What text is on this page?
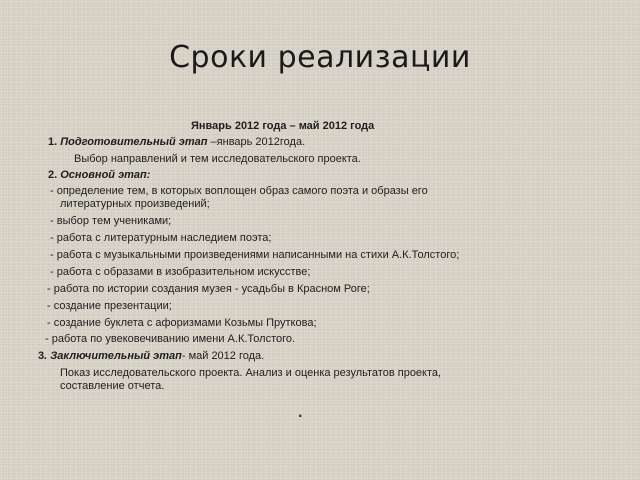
Сроки реализации
Январь 2012 года – май 2012 года
1. Подготовительный этап –январь 2012года.
Выбор направлений и тем исследовательского проекта.
2. Основной этап:
- определение тем, в которых воплощен образ самого поэта и образы его
литературных произведений;
- выбор тем учениками;
- работа с литературным наследием поэта;
- работа с музыкальными произведениями написанными на стихи А.К.Толстого;
- работа с образами в изобразительном искусстве;
- работа по истории создания музея - усадьбы в Красном Роге;
- создание презентации;
- создание буклета с афоризмами Козьмы Пруткова;
- работа по увековечиванию имени А.К.Толстого.
3. Заключительный этап- май 2012 года.
Показ исследовательского проекта. Анализ и оценка результатов проекта,
составление отчета.
.
